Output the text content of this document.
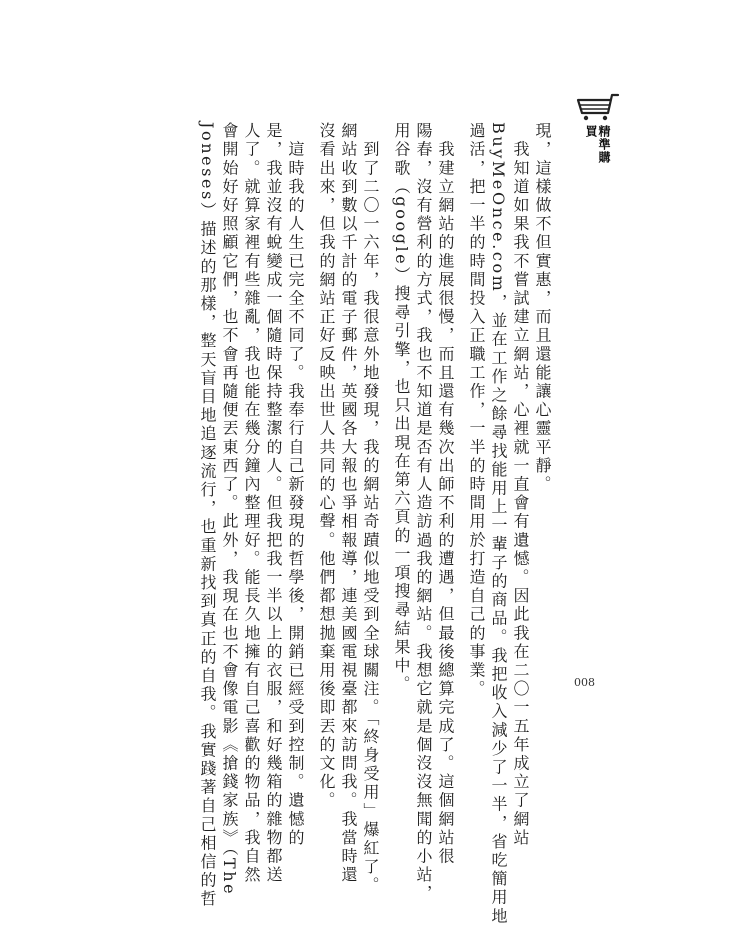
精準購買
現，這樣做不但實惠，而且還能讓心靈平靜。
　我知道如果我不嘗試建立網站，心裡就一直會有遺憾。因此我在二〇一五年成立了網站
BuyMeOnce.com，並在工作之餘尋找能用上一輩子的商品。我把收入減少了一半，省吃簡用地
過活，把一半的時間投入正職工作，一半的時間用於打造自己的事業。
　我建立網站的進展很慢，而且還有幾次出師不利的遭遇，但最後總算完成了。這個網站很
陽春，沒有營利的方式，我也不知道是否有人造訪過我的網站。我想它就是個沒沒無聞的小站，
用谷歌（google）搜尋引擎，也只出現在第六頁的一項搜尋結果中。
　到了二〇一六年，我很意外地發現，我的網站奇蹟似地受到全球關注。「終身受用」爆紅了。
網站收到數以千計的電子郵件，英國各大報也爭相報導，連美國電視臺都來訪問我。我當時還
沒看出來，但我的網站正好反映出世人共同的心聲。他們都想拋棄用後即丟的文化。
　這時我的人生已完全不同了。我奉行自己新發現的哲學後，開銷已經受到控制。遺憾的
是，我並沒有蛻變成一個隨時保持整潔的人。但我把我一半以上的衣服，和好幾箱的雜物都送
人了。就算家裡有些雜亂，我也能在幾分鐘內整理好。能長久地擁有自己喜歡的物品，我自然
會開始好好照顧它們，也不會再隨便丟東西了。此外，我現在也不會像電影《搶錢家族》（The
Joneses）描述的那樣，整天盲目地追逐流行，也重新找到真正的自我。我實踐著自己相信的哲	008
